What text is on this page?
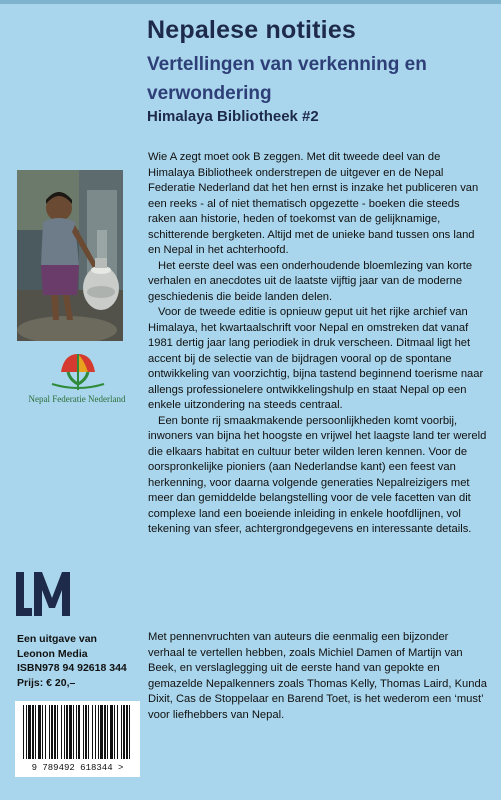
Nepalese notities
Vertellingen van verkenning en verwondering
Himalaya Bibliotheek #2
Nepal Federatie Nederland

Wie A zegt moet ook B zeggen. Met dit tweede deel van de Himalaya Bibliotheek onderstrepen de uitgever en de Nepal Federatie Nederland dat het hen ernst is inzake het publiceren van een reeks - al of niet thematisch opgezette - boeken die steeds raken aan historie, heden of toekomst van de gelijknamige, schitterende bergketen. Altijd met de unieke band tussen ons land en Nepal in het achterhoofd.

Het eerste deel was een onderhoudende bloemlezing van korte verhalen en anecdotes uit de laatste vijftig jaar van de moderne geschiedenis die beide landen delen.

Voor de tweede editie is opnieuw geput uit het rijke archief van Himalaya, het kwartaalschrift voor Nepal en omstreken dat vanaf 1981 dertig jaar lang periodiek in druk verscheen. Ditmaal ligt het accent bij de selectie van de bijdragen vooral op de spontane ontwikkeling van voorzichtig, bijna tastend beginnend toerisme naar allengs professionelere ontwikkelingshulp en staat Nepal op een enkele uitzondering na steeds centraal.

Een bonte rij smaakmakende persoonlijkheden komt voorbij, inwoners van bijna het hoogste en vrijwel het laagste land ter wereld die elkaars habitat en cultuur beter wilden leren kennen. Voor de oorspronkelijke pioniers (aan Nederlandse kant) een feest van herkenning, voor daarna volgende generaties Nepalreizigers met meer dan gemiddelde belangstelling voor de vele facetten van dit complexe land een boeiende inleiding in enkele hoofdlijnen, vol tekening van sfeer, achtergrondgegevens en interessante details.

Met pennenvruchten van auteurs die eenmalig een bijzonder verhaal te vertellen hebben, zoals Michiel Damen of Martijn van Beek, en verslaglegging uit de eerste hand van gepokte en gemazelde Nepalkenners zoals Thomas Kelly, Thomas Laird, Kunda Dixit, Cas de Stoppelaar en Barend Toet, is het wederom een ‘must’ voor liefhebbers van Nepal.

Een uitgave van
Leonon Media
ISBN978 94 92618 344
Prijs: € 20,–
9 789492 618344 >
